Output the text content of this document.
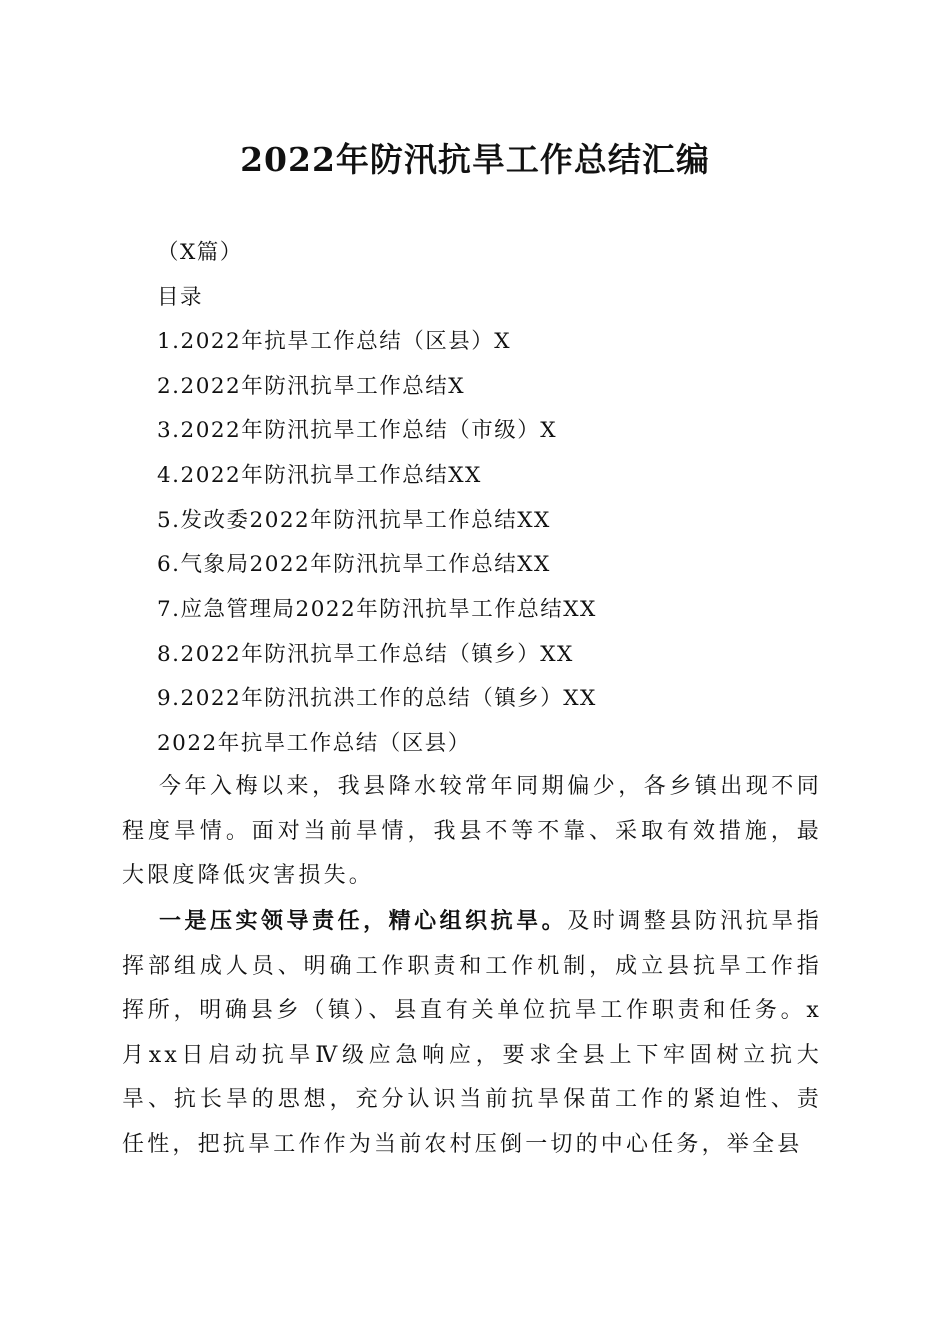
2022年防汛抗旱工作总结汇编
（X篇）
目录
1.2022年抗旱工作总结（区县）X
2.2022年防汛抗旱工作总结X
3.2022年防汛抗旱工作总结（市级）X
4.2022年防汛抗旱工作总结XX
5.发改委2022年防汛抗旱工作总结XX
6.气象局2022年防汛抗旱工作总结XX
7.应急管理局2022年防汛抗旱工作总结XX
8.2022年防汛抗旱工作总结（镇乡）XX
9.2022年防汛抗洪工作的总结（镇乡）XX
2022年抗旱工作总结（区县）
今年入梅以来，我县降水较常年同期偏少，各乡镇出现不同程度旱情。面对当前旱情，我县不等不靠、采取有效措施，最大限度降低灾害损失。
一是压实领导责任，精心组织抗旱。及时调整县防汛抗旱指挥部组成人员、明确工作职责和工作机制，成立县抗旱工作指挥所，明确县乡（镇）、县直有关单位抗旱工作职责和任务。x月xx日启动抗旱Ⅳ级应急响应，要求全县上下牢固树立抗大旱、抗长旱的思想，充分认识当前抗旱保苗工作的紧迫性、责任性，把抗旱工作作为当前农村压倒一切的中心任务，举全县
